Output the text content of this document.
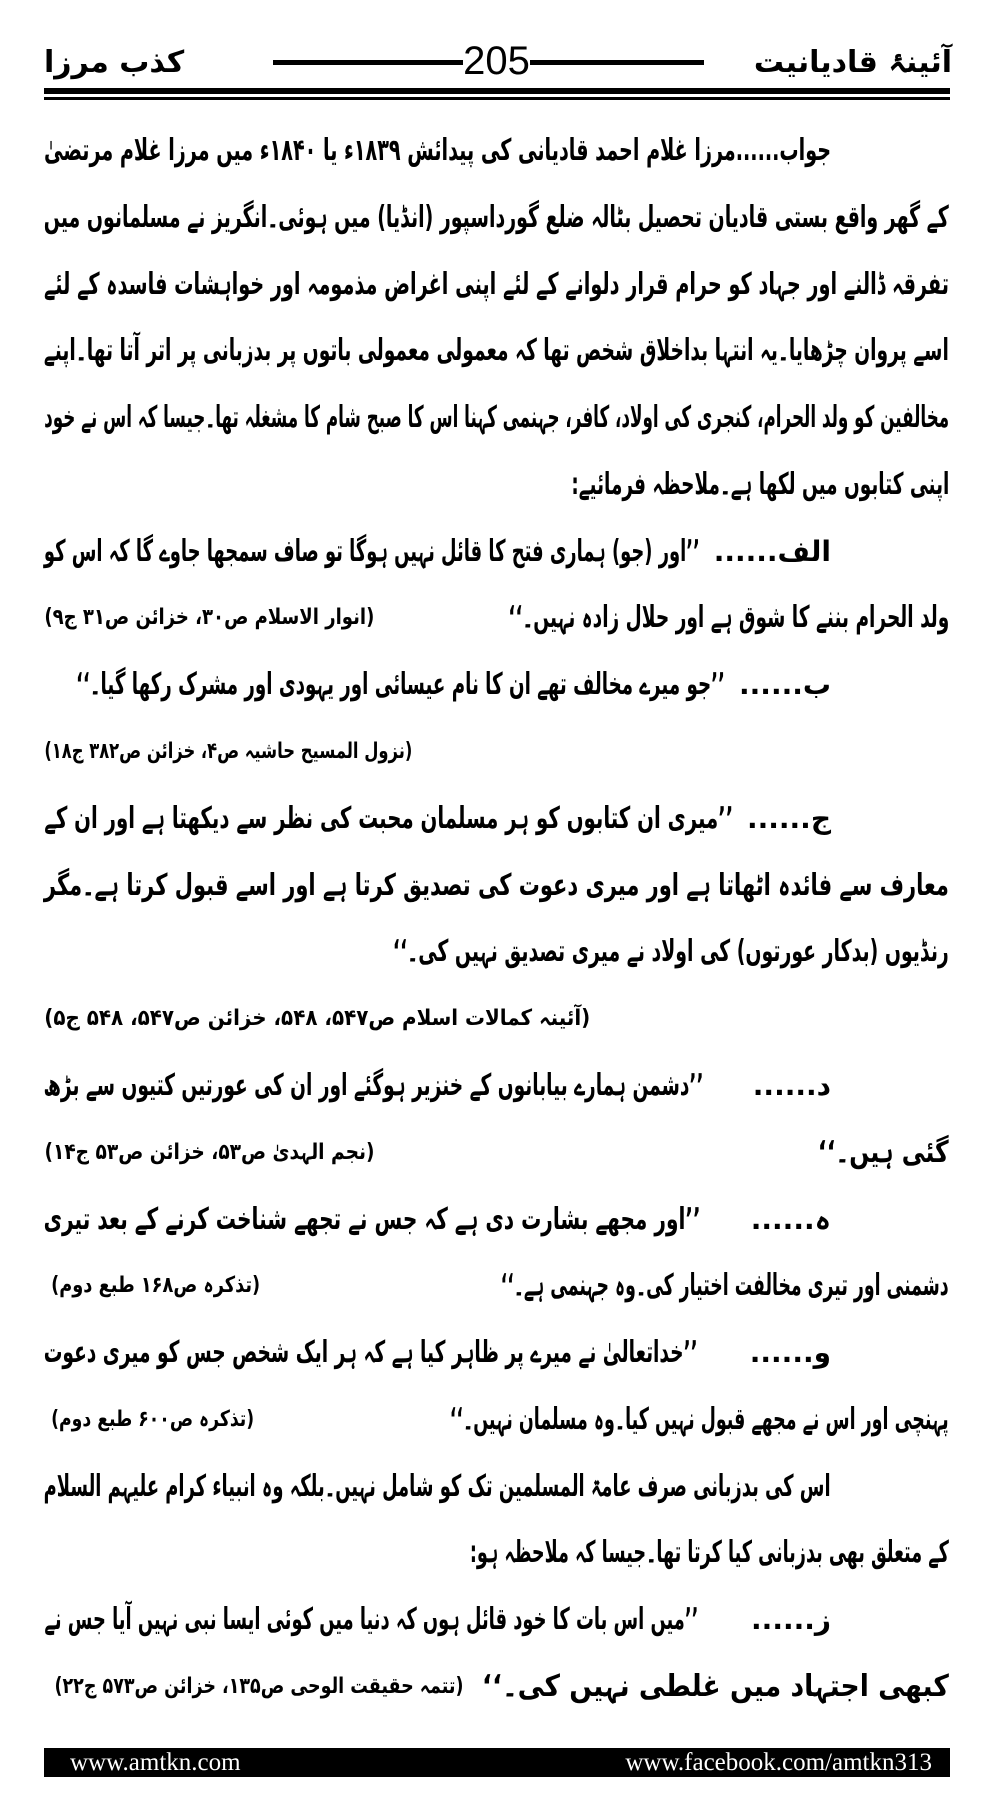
آئینۂ قادیانیت
205
کذب مرزا
جواب......مرزا غلام احمد قادیانی کی پیدائش ۱۸۳۹ء یا ۱۸۴۰ء میں مرزا غلام مرتضیٰ
کے گھر واقع بستی قادیان تحصیل بٹالہ ضلع گورداسپور (انڈیا) میں ہوئی۔انگریز نے مسلمانوں میں
تفرقہ ڈالنے اور جہاد کو حرام قرار دلوانے کے لئے اپنی اغراض مذمومہ اور خواہشات فاسدہ کے لئے
اسے پروان چڑھایا۔یہ انتہا بداخلاق شخص تھا کہ معمولی معمولی باتوں پر بدزبانی پر اتر آتا تھا۔اپنے
مخالفین کو ولد الحرام، کنجری کی اولاد، کافر، جہنمی کہنا اس کا صبح شام کا مشغلہ تھا۔جیسا کہ اس نے خود
اپنی کتابوں میں لکھا ہے۔ملاحظہ فرمائیے:
الف......
’’اور (جو) ہماری فتح کا قائل نہیں ہوگا تو صاف سمجھا جاوے گا کہ اس کو
ولد الحرام بننے کا شوق ہے اور حلال زادہ نہیں۔‘‘
(انوار الاسلام ص۳۰، خزائن ص۳۱ ج۹)
ب......
’’جو میرے مخالف تھے ان کا نام عیسائی اور یہودی اور مشرک رکھا گیا۔‘‘
(نزول المسیح حاشیہ ص۴، خزائن ص۳۸۲ ج۱۸)
ج......
’’میری ان کتابوں کو ہر مسلمان محبت کی نظر سے دیکھتا ہے اور ان کے
معارف سے فائدہ اٹھاتا ہے اور میری دعوت کی تصدیق کرتا ہے اور اسے قبول کرتا ہے۔مگر
رنڈیوں (بدکار عورتوں) کی اولاد نے میری تصدیق نہیں کی۔‘‘
(آئینہ کمالات اسلام ص۵۴۷، ۵۴۸، خزائن ص۵۴۷، ۵۴۸ ج۵)
د......
’’دشمن ہمارے بیابانوں کے خنزیر ہوگئے اور ان کی عورتیں کتیوں سے بڑھ
گئی ہیں۔‘‘
(نجم الہدیٰ ص۵۳، خزائن ص۵۳ ج۱۴)
ہ......
’’اور مجھے بشارت دی ہے کہ جس نے تجھے شناخت کرنے کے بعد تیری
دشمنی اور تیری مخالفت اختیار کی۔وہ جہنمی ہے۔‘‘
(تذکرہ ص۱۶۸ طبع دوم)
و......
’’خداتعالیٰ نے میرے پر ظاہر کیا ہے کہ ہر ایک شخص جس کو میری دعوت
پہنچی اور اس نے مجھے قبول نہیں کیا۔وہ مسلمان نہیں۔‘‘
(تذکرہ ص۶۰۰ طبع دوم)
اس کی بدزبانی صرف عامۃ المسلمین تک کو شامل نہیں۔بلکہ وہ انبیاء کرام علیہم السلام
کے متعلق بھی بدزبانی کیا کرتا تھا۔جیسا کہ ملاحظہ ہو:
ز......
’’میں اس بات کا خود قائل ہوں کہ دنیا میں کوئی ایسا نبی نہیں آیا جس نے
کبھی اجتہاد میں غلطی نہیں کی۔‘‘
(تتمہ حقیقت الوحی ص۱۳۵، خزائن ص۵۷۳ ج۲۲)
www.amtkn.com	www.facebook.com/amtkn313
